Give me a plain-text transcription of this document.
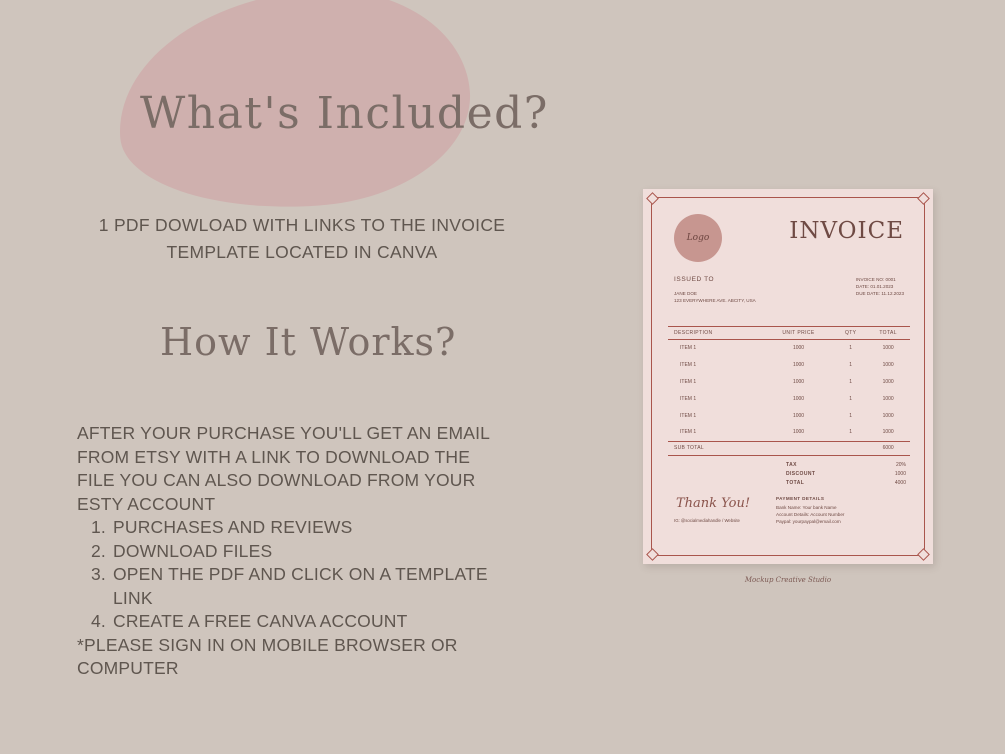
What's Included?
1 PDF DOWLOAD WITH LINKS TO THE INVOICE TEMPLATE LOCATED IN CANVA
How It Works?
AFTER YOUR PURCHASE YOU'LL GET AN EMAIL FROM ETSY WITH A LINK TO DOWNLOAD THE FILE YOU CAN ALSO DOWNLOAD FROM YOUR ESTY ACCOUNT
1. PURCHASES AND REVIEWS
2. DOWNLOAD FILES
3. OPEN THE PDF AND CLICK ON A TEMPLATE LINK
4. CREATE A FREE CANVA ACCOUNT
*PLEASE SIGN IN ON MOBILE BROWSER OR COMPUTER
Logo	INVOICE
ISSUED TO
JANE DOE
123 EVERYWHERE AVE. ABCITY, USA
INVOICE NO: 0001
DATE: 01.01.2023
DUE DATE: 11.12.2023
DESCRIPTION	UNIT PRICE	QTY	TOTAL
ITEM 1	1000	1	1000
ITEM 1	1000	1	1000
ITEM 1	1000	1	1000
ITEM 1	1000	1	1000
ITEM 1	1000	1	1000
ITEM 1	1000	1	1000
SUB TOTAL			6000
TAX	20%
DISCOUNT	1000
TOTAL	4000
Thank You!
IG: @socialmediahandle / Website
PAYMENT DETAILS
Bank Name: Your bank Name
Account Details: Account Number
Paypal: yourpaypal@email.com
Mockup Creative Studio
